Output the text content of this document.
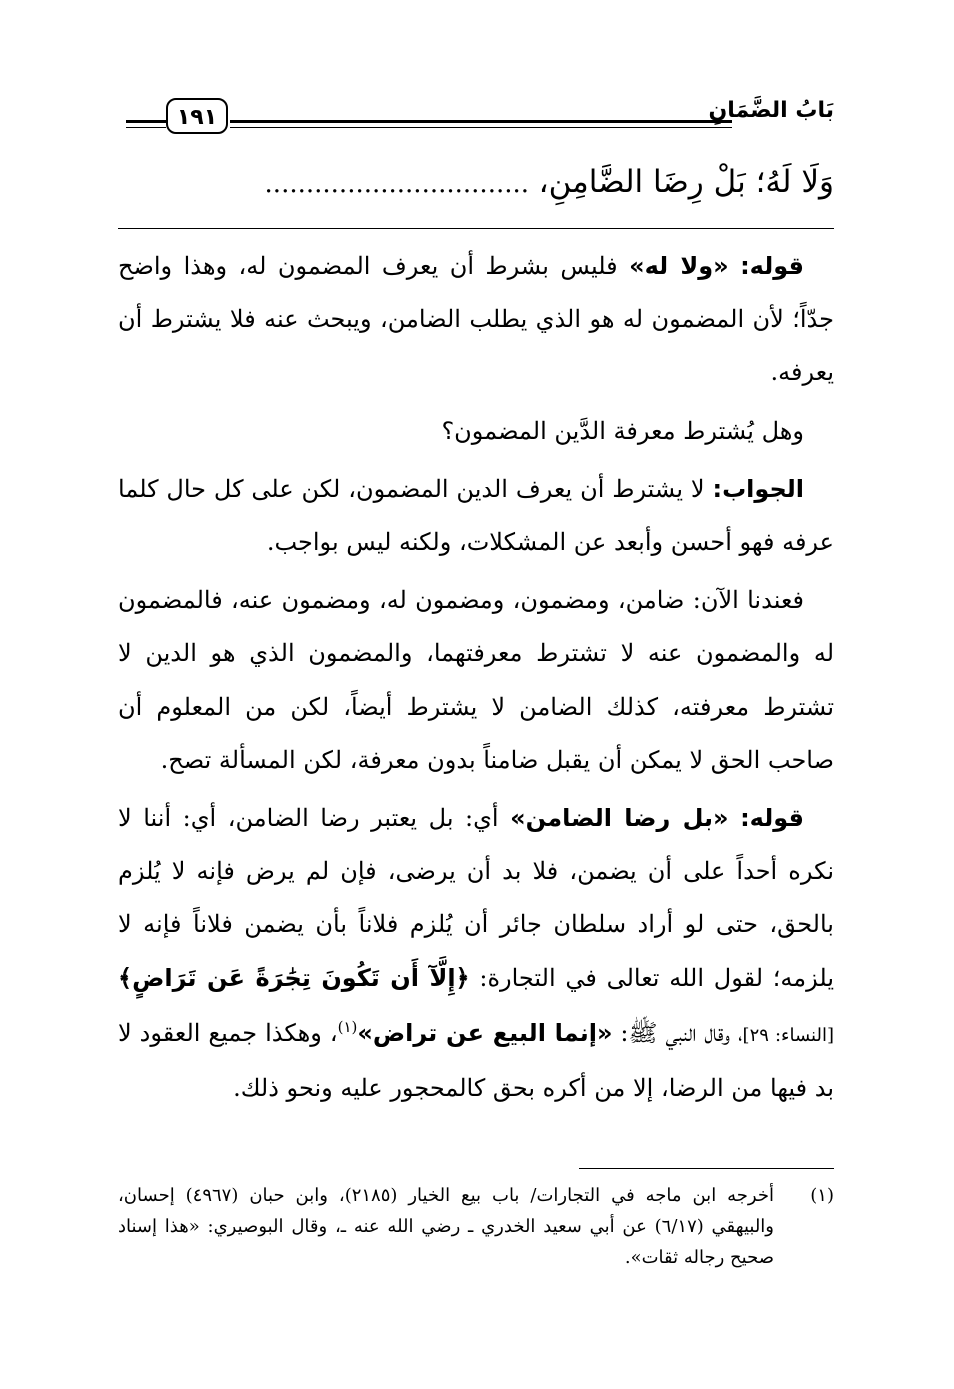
بَابُ الضَّمَانِ
١٩١
وَلَا لَهُ؛ بَلْ رِضَا الضَّامِنِ، ................................

قوله: «ولا له» فليس بشرط أن يعرف المضمون له، وهذا واضح جدّاً؛ لأن المضمون له هو الذي يطلب الضامن، ويبحث عنه فلا يشترط أن يعرفه.

وهل يُشترط معرفة الدَّين المضمون؟

الجواب: لا يشترط أن يعرف الدين المضمون، لكن على كل حال كلما عرفه فهو أحسن وأبعد عن المشكلات، ولكنه ليس بواجب.

فعندنا الآن: ضامن، ومضمون، ومضمون له، ومضمون عنه، فالمضمون له والمضمون عنه لا تشترط معرفتهما، والمضمون الذي هو الدين لا تشترط معرفته، كذلك الضامن لا يشترط أيضاً، لكن من المعلوم أن صاحب الحق لا يمكن أن يقبل ضامناً بدون معرفة، لكن المسألة تصح.

قوله: «بل رضا الضامن» أي: بل يعتبر رضا الضامن، أي: أننا لا نكره أحداً على أن يضمن، فلا بد أن يرضى، فإن لم يرض فإنه لا يُلزم بالحق، حتى لو أراد سلطان جائر أن يُلزم فلاناً بأن يضمن فلاناً فإنه لا يلزمه؛ لقول الله تعالى في التجارة: ﴿إِلَّآ أَن تَكُونَ تِجَٰرَةً عَن تَرَاضٍ﴾ [النساء: ٢٩]، وقال النبي ﷺ: «إنما البيع عن تراض»$^{(١)}$، وهكذا جميع العقود لا بد فيها من الرضا، إلا من أكره بحق كالمحجور عليه ونحو ذلك.

(١)
أخرجه ابن ماجه في التجارات/ باب بيع الخيار (٢١٨٥)، وابن حبان (٤٩٦٧) إحسان، والبيهقي (٦/١٧) عن أبي سعيد الخدري ـ رضي الله عنه ـ، وقال البوصيري: «هذا إسناد صحيح رجاله ثقات».
